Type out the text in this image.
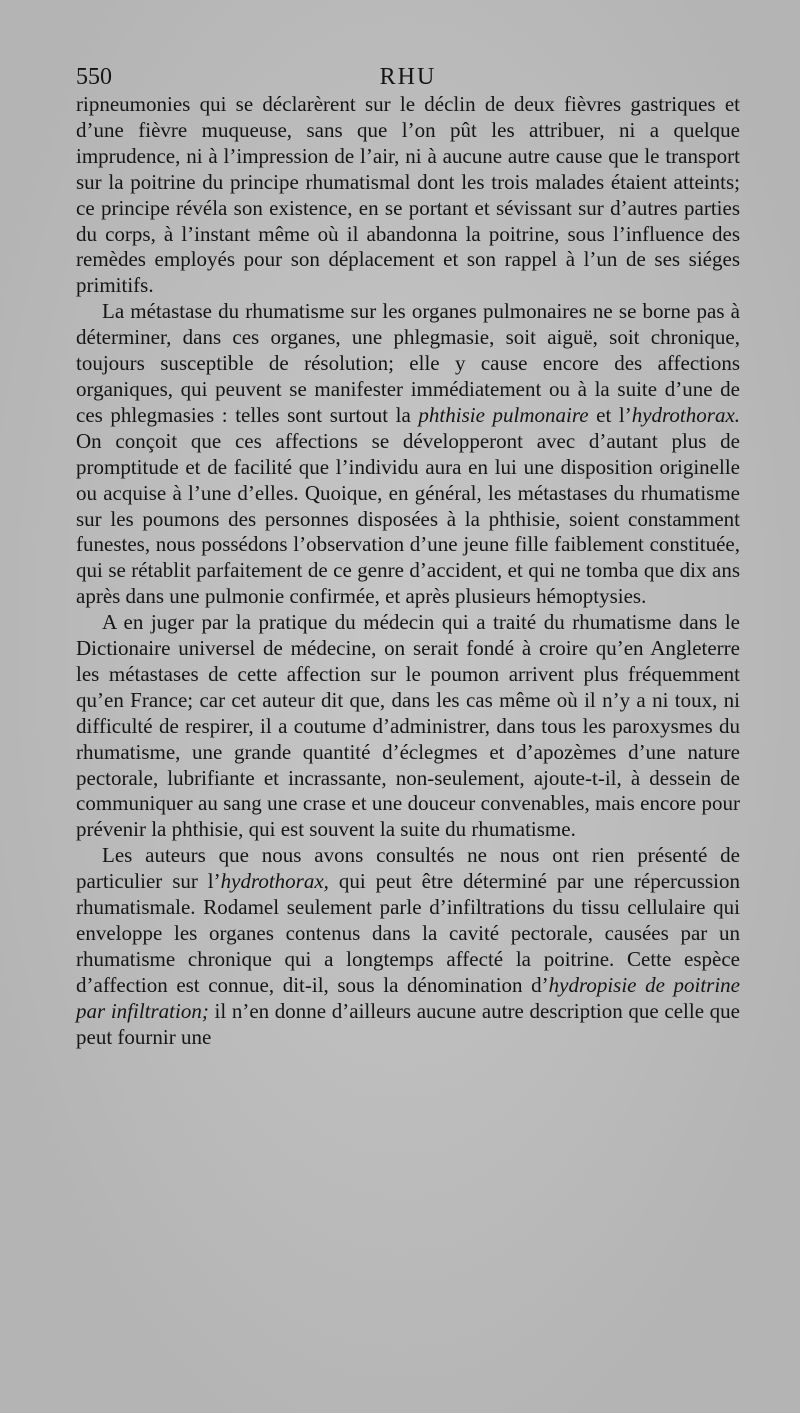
550	RHU

ripneumonies qui se déclarèrent sur le déclin de deux fièvres gastriques et d’une fièvre muqueuse, sans que l’on pût les attribuer, ni a quelque imprudence, ni à l’impression de l’air, ni à aucune autre cause que le transport sur la poitrine du principe rhumatismal dont les trois malades étaient atteints; ce principe révéla son existence, en se portant et sévissant sur d’autres parties du corps, à l’instant même où il abandonna la poitrine, sous l’influence des remèdes employés pour son déplacement et son rappel à l’un de ses siéges primitifs.

La métastase du rhumatisme sur les organes pulmonaires ne se borne pas à déterminer, dans ces organes, une phlegmasie, soit aiguë, soit chronique, toujours susceptible de résolution; elle y cause encore des affections organiques, qui peuvent se manifester immédiatement ou à la suite d’une de ces phlegmasies : telles sont surtout la phthisie pulmonaire et l’hydrothorax. On conçoit que ces affections se développeront avec d’autant plus de promptitude et de facilité que l’individu aura en lui une disposition originelle ou acquise à l’une d’elles. Quoique, en général, les métastases du rhumatisme sur les poumons des personnes disposées à la phthisie, soient constamment funestes, nous possédons l’observation d’une jeune fille faiblement constituée, qui se rétablit parfaitement de ce genre d’accident, et qui ne tomba que dix ans après dans une pulmonie confirmée, et après plusieurs hémoptysies.

A en juger par la pratique du médecin qui a traité du rhumatisme dans le Dictionaire universel de médecine, on serait fondé à croire qu’en Angleterre les métastases de cette affection sur le poumon arrivent plus fréquemment qu’en France; car cet auteur dit que, dans les cas même où il n’y a ni toux, ni difficulté de respirer, il a coutume d’administrer, dans tous les paroxysmes du rhumatisme, une grande quantité d’éclegmes et d’apozèmes d’une nature pectorale, lubrifiante et incrassante, non-seulement, ajoute-t-il, à dessein de communiquer au sang une crase et une douceur convenables, mais encore pour prévenir la phthisie, qui est souvent la suite du rhumatisme.

Les auteurs que nous avons consultés ne nous ont rien présenté de particulier sur l’hydrothorax, qui peut être déterminé par une répercussion rhumatismale. Rodamel seulement parle d’infiltrations du tissu cellulaire qui enveloppe les organes contenus dans la cavité pectorale, causées par un rhumatisme chronique qui a longtemps affecté la poitrine. Cette espèce d’affection est connue, dit-il, sous la dénomination d’hydropisie de poitrine par infiltration; il n’en donne d’ailleurs aucune autre description que celle que peut fournir une
